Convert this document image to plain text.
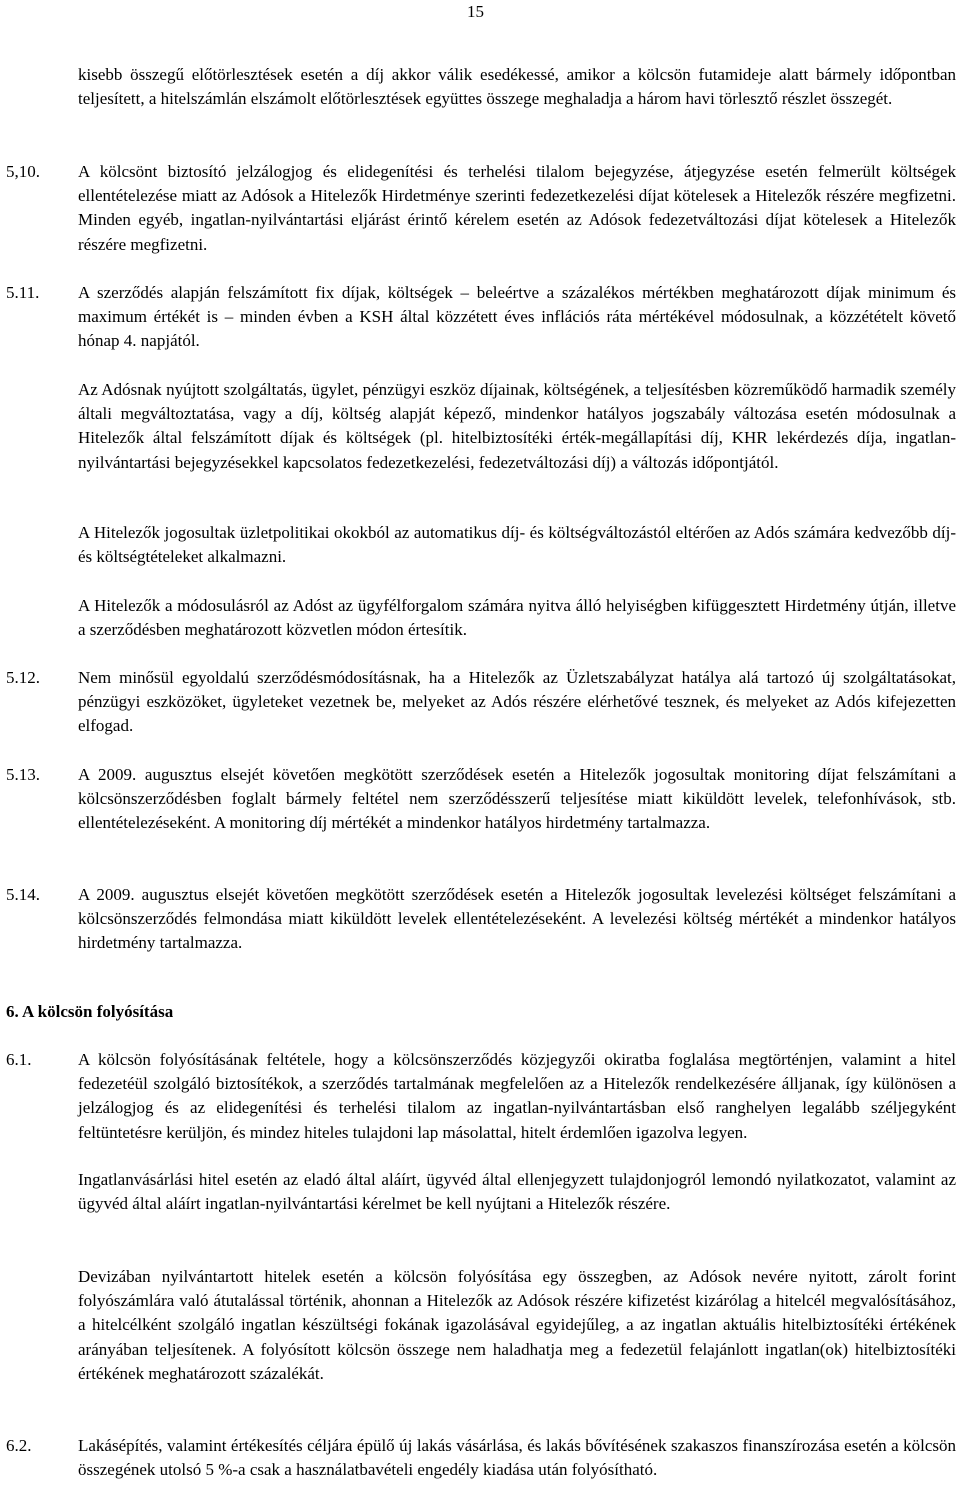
15

kisebb összegű előtörlesztések esetén a díj akkor válik esedékessé, amikor a kölcsön futamideje alatt bármely időpontban teljesített, a hitelszámlán elszámolt előtörlesztések együttes összege meghaladja a három havi törlesztő részlet összegét.

5,10. A kölcsönt biztosító jelzálogjog és elidegenítési és terhelési tilalom bejegyzése, átjegyzése esetén felmerült költségek ellentételezése miatt az Adósok a Hitelezők Hirdetménye szerinti fedezetkezelési díjat kötelesek a Hitelezők részére megfizetni. Minden egyéb, ingatlan-nyilvántartási eljárást érintő kérelem esetén az Adósok fedezetváltozási díjat kötelesek a Hitelezők részére megfizetni.

5.11. A szerződés alapján felszámított fix díjak, költségek – beleértve a százalékos mértékben meghatározott díjak minimum és maximum értékét is – minden évben a KSH által közzétett éves inflációs ráta mértékével módosulnak, a közzétételt követő hónap 4. napjától.

Az Adósnak nyújtott szolgáltatás, ügylet, pénzügyi eszköz díjainak, költségének, a teljesítésben közreműködő harmadik személy általi megváltoztatása, vagy a díj, költség alapját képező, mindenkor hatályos jogszabály változása esetén módosulnak a Hitelezők által felszámított díjak és költségek (pl. hitelbiztosítéki érték-megállapítási díj, KHR lekérdezés díja, ingatlan-nyilvántartási bejegyzésekkel kapcsolatos fedezetkezelési, fedezetváltozási díj) a változás időpontjától.

A Hitelezők jogosultak üzletpolitikai okokból az automatikus díj- és költségváltozástól eltérően az Adós számára kedvezőbb díj- és költségtételeket alkalmazni.

A Hitelezők a módosulásról az Adóst az ügyfélforgalom számára nyitva álló helyiségben kifüggesztett Hirdetmény útján, illetve a szerződésben meghatározott közvetlen módon értesítik.

5.12. Nem minősül egyoldalú szerződésmódosításnak, ha a Hitelezők az Üzletszabályzat hatálya alá tartozó új szolgáltatásokat, pénzügyi eszközöket, ügyleteket vezetnek be, melyeket az Adós részére elérhetővé tesznek, és melyeket az Adós kifejezetten elfogad.

5.13. A 2009. augusztus elsejét követően megkötött szerződések esetén a Hitelezők jogosultak monitoring díjat felszámítani a kölcsönszerződésben foglalt bármely feltétel nem szerződésszerű teljesítése miatt kiküldött levelek, telefonhívások, stb. ellentételezéseként. A monitoring díj mértékét a mindenkor hatályos hirdetmény tartalmazza.

5.14. A 2009. augusztus elsejét követően megkötött szerződések esetén a Hitelezők jogosultak levelezési költséget felszámítani a kölcsönszerződés felmondása miatt kiküldött levelek ellentételezéseként. A levelezési költség mértékét a mindenkor hatályos hirdetmény tartalmazza.

6. A kölcsön folyósítása
6.1.	A kölcsön folyósításának feltétele, hogy a kölcsönszerződés közjegyzői okiratba foglalása megtörténjen, valamint a hitel fedezetéül szolgáló biztosítékok, a szerződés tartalmának megfelelően az a Hitelezők rendelkezésére álljanak, így különösen a jelzálogjog és az elidegenítési és terhelési tilalom az ingatlan-nyilvántartásban első ranghelyen legalább széljegyként feltüntetésre kerüljön, és mindez hiteles tulajdoni lap másolattal, hitelt érdemlően igazolva legyen.

Ingatlanvásárlási hitel esetén az eladó által aláírt, ügyvéd által ellenjegyzett tulajdonjogról lemondó nyilatkozatot, valamint az ügyvéd által aláírt ingatlan-nyilvántartási kérelmet be kell nyújtani a Hitelezők részére.

Devizában nyilvántartott hitelek esetén a kölcsön folyósítása egy összegben, az Adósok nevére nyitott, zárolt forint folyószámlára való átutalással történik, ahonnan a Hitelezők az Adósok részére kifizetést kizárólag a hitelcél megvalósításához, a hitelcélként szolgáló ingatlan készültségi fokának igazolásával egyidejűleg, a az ingatlan aktuális hitelbiztosítéki értékének arányában teljesítenek. A folyósított kölcsön összege nem haladhatja meg a fedezetül felajánlott ingatlan(ok) hitelbiztosítéki értékének meghatározott százalékát.

6.2.	Lakásépítés, valamint értékesítés céljára épülő új lakás vásárlása, és lakás bővítésének szakaszos finanszírozása esetén a kölcsön összegének utolsó 5 %-a csak a használatbavételi engedély kiadása után folyósítható.
